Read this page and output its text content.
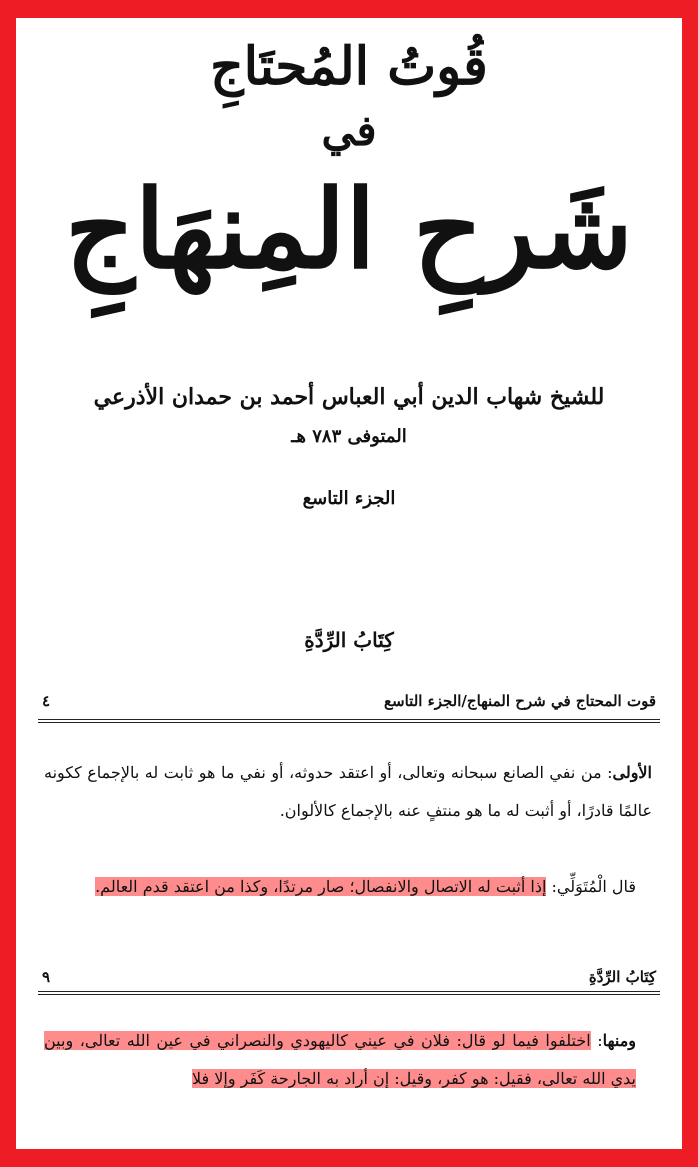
قُوتُ المُحتَاجِ
في
شَرحِ المِنهَاجِ
للشيخ شهاب الدين أبي العباس أحمد بن حمدان الأذرعي
المتوفى ٧٨٣ هـ
الجزء التاسع
كِتَابُ الرِّدَّةِ
قوت المحتاج في شرح المنهاج/الجزء التاسع
٤
الأولى: من نفي الصانع سبحانه وتعالى، أو اعتقد حدوثه، أو نفي ما هو ثابت له بالإجماع ككونه عالمًا قادرًا، أو أثبت له ما هو منتفٍ عنه بالإجماع كالألوان.
قال الْمُتَوَلِّي: إذا أثبت له الاتصال والانفصال؛ صار مرتدًا، وكذا من اعتقد قدم العالم.
كِتَابُ الرِّدَّةِ
٩
ومنها: اختلفوا فيما لو قال: فلان في عيني كاليهودي والنصراني في عين الله تعالى، وبين يدي الله تعالى، فقيل: هو كفر، وقيل: إن أراد به الجارحة كَفَر وإلا فلا
